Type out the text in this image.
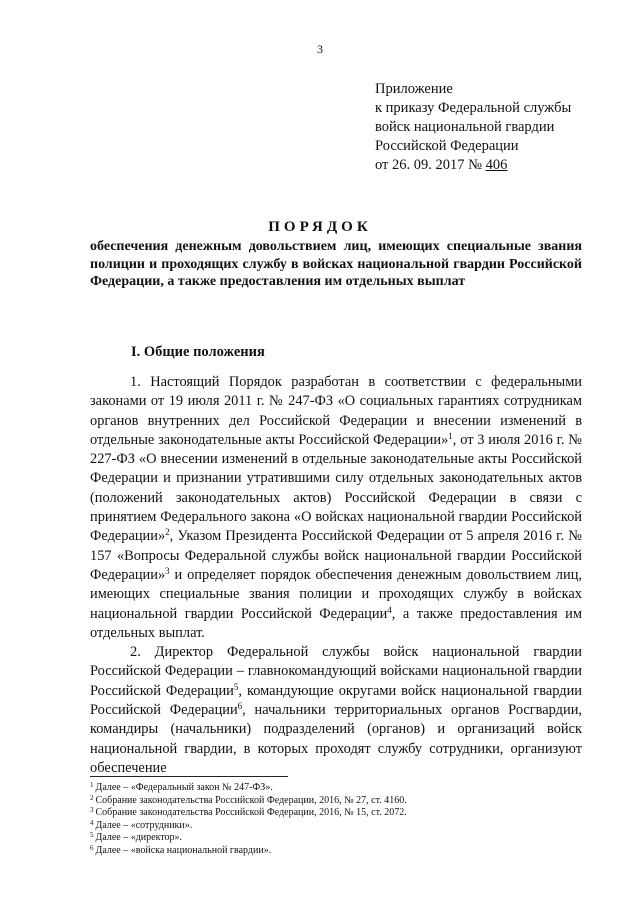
3
Приложение
к приказу Федеральной службы
войск национальной гвардии
Российской Федерации
от 26. 09. 2017 № 406
ПОРЯДОК
обеспечения денежным довольствием лиц, имеющих специальные звания полиции и проходящих службу в войсках национальной гвардии Российской Федерации, а также предоставления им отдельных выплат
I. Общие положения

1. Настоящий Порядок разработан в соответствии с федеральными законами от 19 июля 2011 г. № 247-ФЗ «О социальных гарантиях сотрудникам органов внутренних дел Российской Федерации и внесении изменений в отдельные законодательные акты Российской Федерации»$^1$, от 3 июля 2016 г. № 227-ФЗ «О внесении изменений в отдельные законодательные акты Российской Федерации и признании утратившими силу отдельных законодательных актов (положений законодательных актов) Российской Федерации в связи с принятием Федерального закона «О войсках национальной гвардии Российской Федерации»$^2$, Указом Президента Российской Федерации от 5 апреля 2016 г. № 157 «Вопросы Федеральной службы войск национальной гвардии Российской Федерации»$^3$ и определяет порядок обеспечения денежным довольствием лиц, имеющих специальные звания полиции и проходящих службу в войсках национальной гвардии Российской Федерации$^4$, а также предоставления им отдельных выплат.

2. Директор Федеральной службы войск национальной гвардии Российской Федерации – главнокомандующий войсками национальной гвардии Российской Федерации$^5$, командующие округами войск национальной гвардии Российской Федерации$^6$, начальники территориальных органов Росгвардии, командиры (начальники) подразделений (органов) и организаций войск национальной гвардии, в которых проходят службу сотрудники, организуют обеспечение

$^1$ Далее – «Федеральный закон № 247-ФЗ».
$^2$ Собрание законодательства Российской Федерации, 2016, № 27, ст. 4160.
$^3$ Собрание законодательства Российской Федерации, 2016, № 15, ст. 2072.
$^4$ Далее – «сотрудники».
$^5$ Далее – «директор».
$^6$ Далее – «войска национальной гвардии».
